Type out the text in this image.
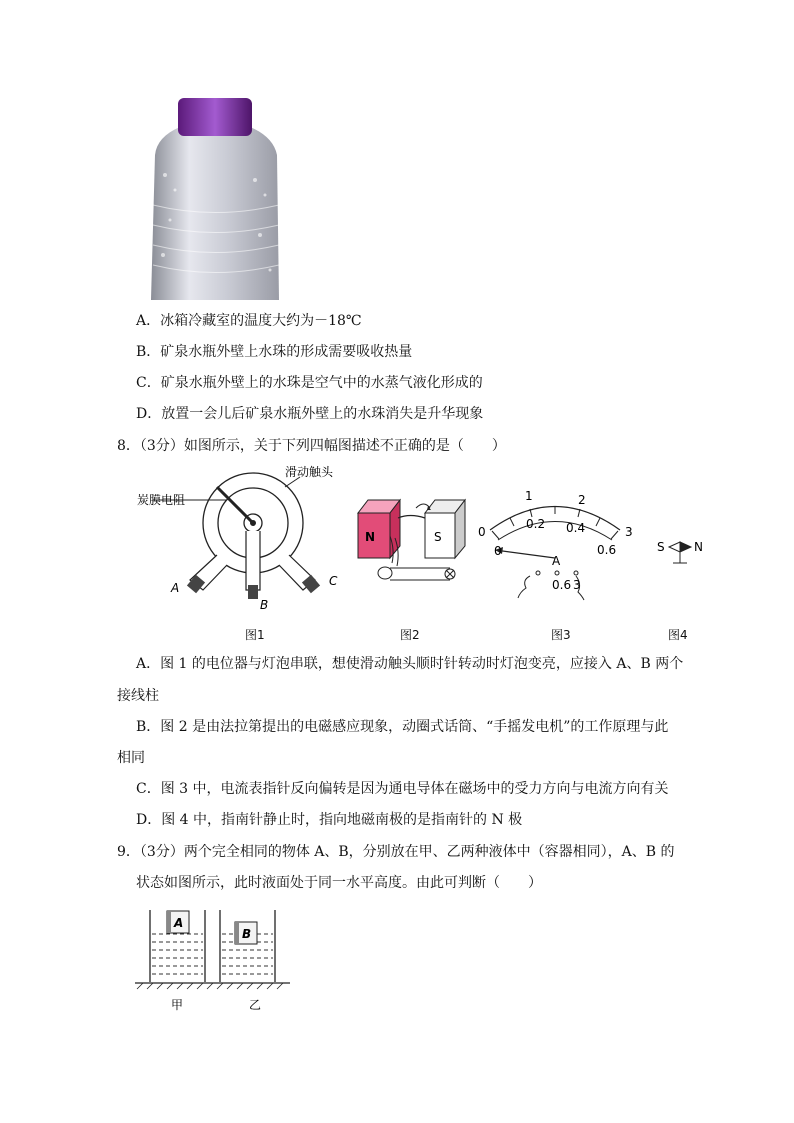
A．冰箱冷藏室的温度大约为－18℃
B．矿泉水瓶外壁上水珠的形成需要吸收热量
C．矿泉水瓶外壁上的水珠是空气中的水蒸气液化形成的
D．放置一会儿后矿泉水瓶外壁上的水珠消失是升华现象
8．（3分）如图所示，关于下列四幅图描述不正确的是（　　）
炭膜电阻
滑动触头
A
B
C
N	S	0
1	2
3
0.2 0.4
0.6
0
A
0.6 3
S N
图1	图2	图3	图4
A．图 1 的电位器与灯泡串联，想使滑动触头顺时针转动时灯泡变亮，应接入 A、B 两个
接线柱
B．图 2 是由法拉第提出的电磁感应现象，动圈式话筒、“手摇发电机”的工作原理与此
相同
C．图 3 中，电流表指针反向偏转是因为通电导体在磁场中的受力方向与电流方向有关
D．图 4 中，指南针静止时，指向地磁南极的是指南针的 N 极
9．（3分）两个完全相同的物体 A、B，分别放在甲、乙两种液体中（容器相同），A、B 的
状态如图所示，此时液面处于同一水平高度。由此可判断（　　）
A
B
甲	乙
